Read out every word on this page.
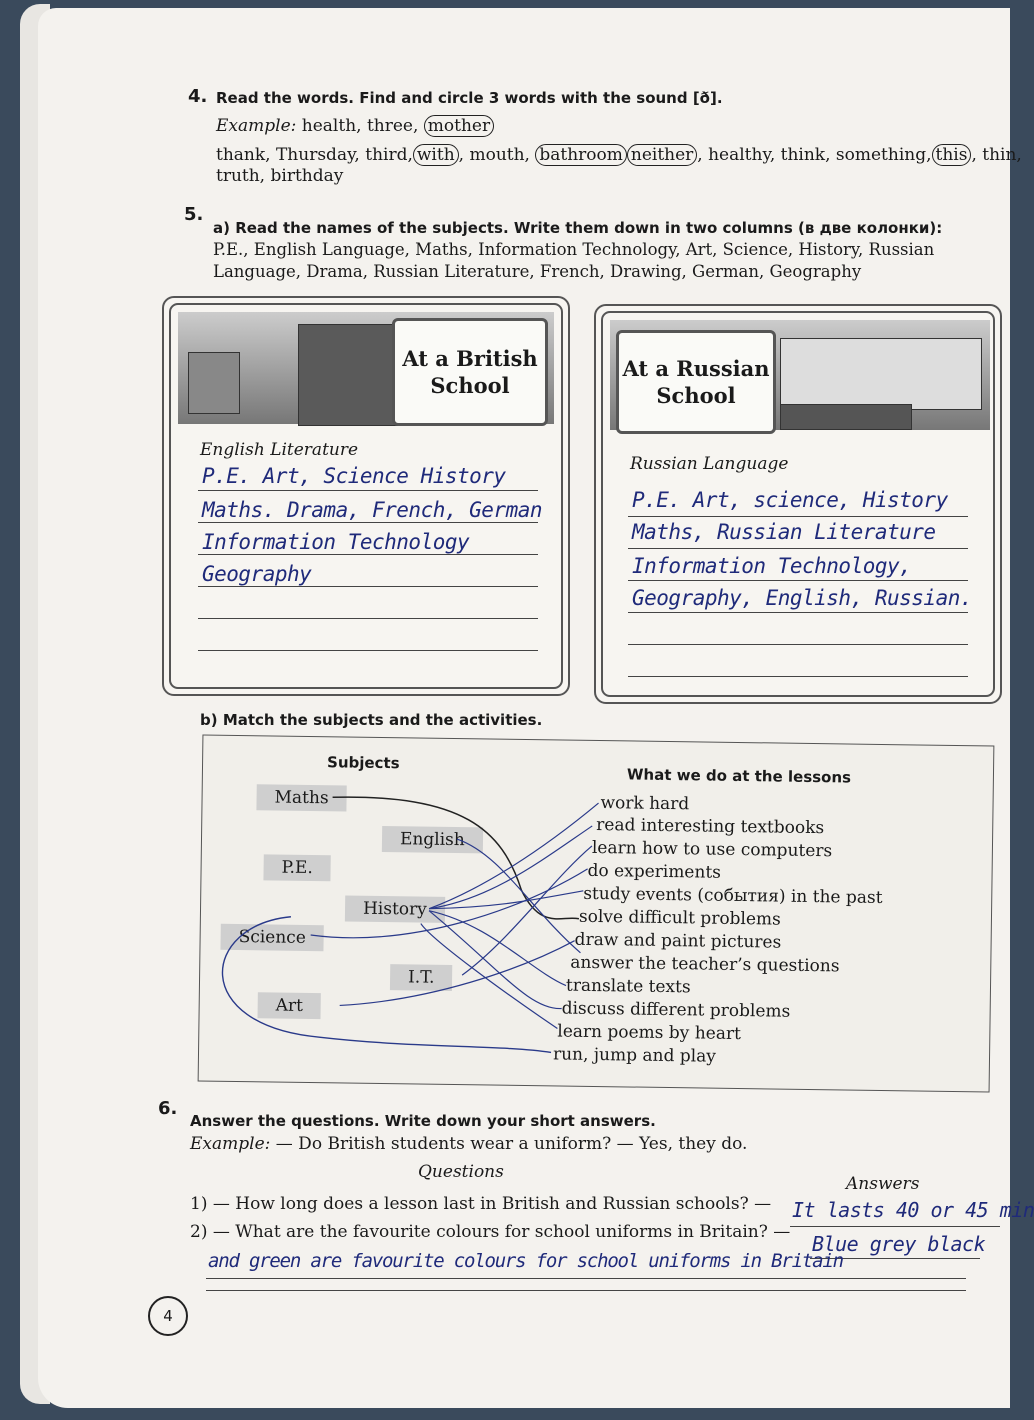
4. Read the words. Find and circle 3 words with the sound [ð].
Example: health, three, mother
thank, Thursday, third, with , mouth, bathroom neither , healthy, think, something, this , thin,
truth, birthday
5.
a) Read the names of the subjects. Write them down in two columns (в две колонки):
P.E., English Language, Maths, Information Technology, Art, Science, History, Russian
Language, Drama, Russian Literature, French, Drawing, German, Geography
At a British School
English Literature
P.E. Art, Science History
Maths. Drama, French, German
Information Technology
Geography
At a Russian School
Russian Language
P.E. Art, science, History
Maths, Russian Literature
Information Technology,
Geography, English, Russian.
b) Match the subjects and the activities.
Subjects
What we do at the lessons
Maths
English
P.E.
History
Science
I.T.
Art
work hard
read interesting textbooks
learn how to use computers
do experiments
study events (события) in the past
solve difficult problems
draw and paint pictures
answer the teacher’s questions
translate texts
discuss different problems
learn poems by heart
run, jump and play
6.
Answer the questions. Write down your short answers.
Example: — Do British students wear a uniform? — Yes, they do.
Questions
Answers
1) — How long does a lesson last in British and Russian schools? — It lasts 40 or 45 min
2) — What are the favourite colours for school uniforms in Britain? — Blue grey black
and green are favourite colours for school uniforms in Britain
4
